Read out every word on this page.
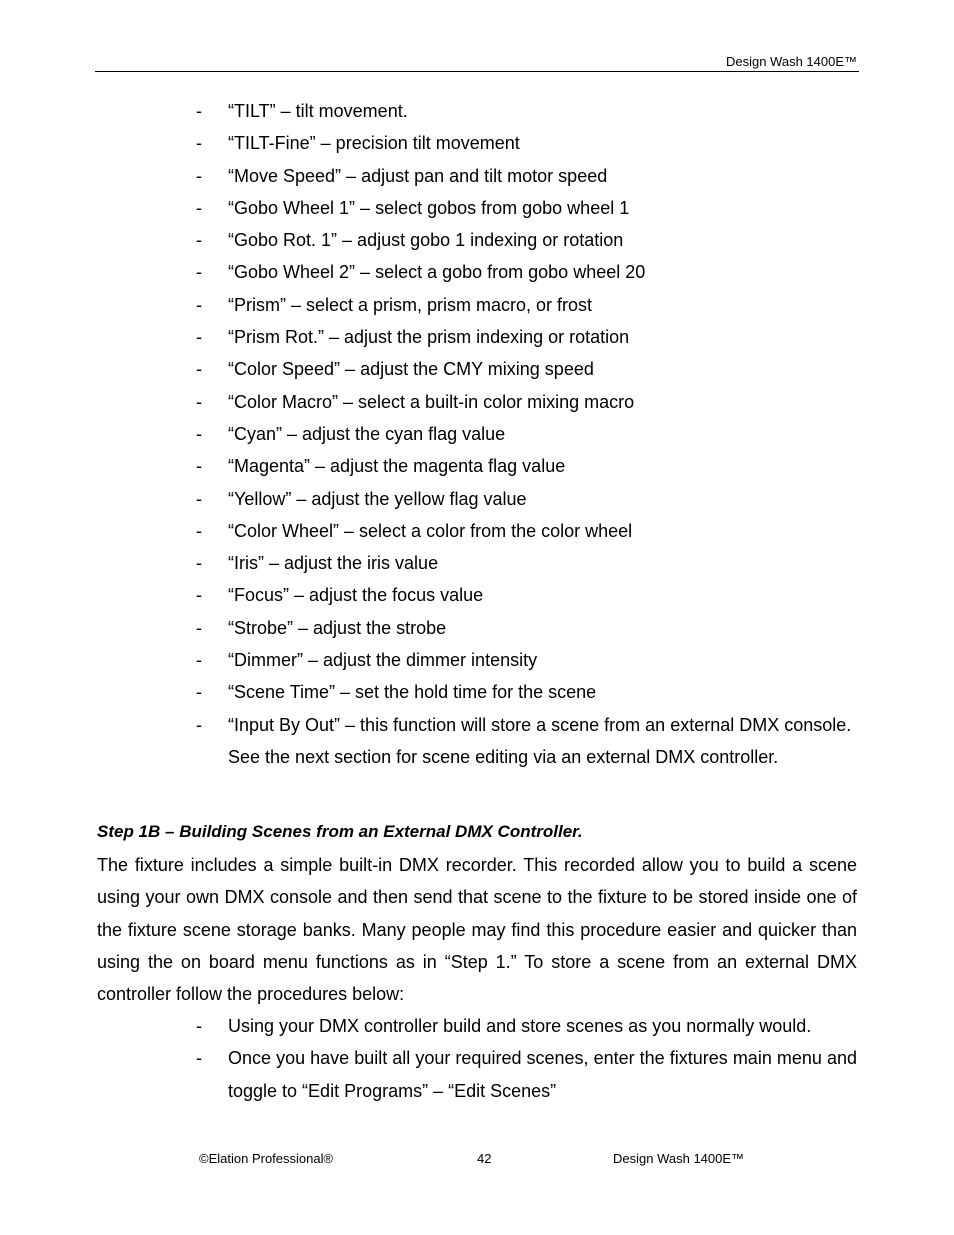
Design Wash 1400E™
-	“TILT” – tilt movement.
-	“TILT-Fine” – precision tilt movement
-	“Move Speed” – adjust pan and tilt motor speed
-	“Gobo Wheel 1” – select gobos from gobo wheel 1
-	“Gobo Rot. 1” – adjust gobo 1 indexing or rotation
-	“Gobo Wheel 2” – select a gobo from gobo wheel 20
-	“Prism” – select a prism, prism macro, or frost
-	“Prism Rot.” – adjust the prism indexing or rotation
-	“Color Speed” – adjust the CMY mixing speed
-	“Color Macro” – select a built-in color mixing macro
-	“Cyan” – adjust the cyan flag value
-	“Magenta” – adjust the magenta flag value
-	“Yellow” – adjust the yellow flag value
-	“Color Wheel” – select a color from the color wheel
-	“Iris” – adjust the iris value
-	“Focus” – adjust the focus value
-	“Strobe” – adjust the strobe
-	“Dimmer” – adjust the dimmer intensity
-	“Scene Time” – set the hold time for the scene
-	“Input By Out” – this function will store a scene from an external DMX console. See the next section for scene editing via an external DMX controller.
Step 1B – Building Scenes from an External DMX Controller.

The fixture includes a simple built-in DMX recorder. This recorded allow you to build a scene using your own DMX console and then send that scene to the fixture to be stored inside one of the fixture scene storage banks. Many people may find this procedure easier and quicker than using the on board menu functions as in “Step 1.” To store a scene from an external DMX controller follow the procedures below:

-	Using your DMX controller build and store scenes as you normally would.
-	Once you have built all your required scenes, enter the fixtures main menu and toggle to “Edit Programs” – “Edit Scenes”
©Elation Professional®	42	Design Wash 1400E™
